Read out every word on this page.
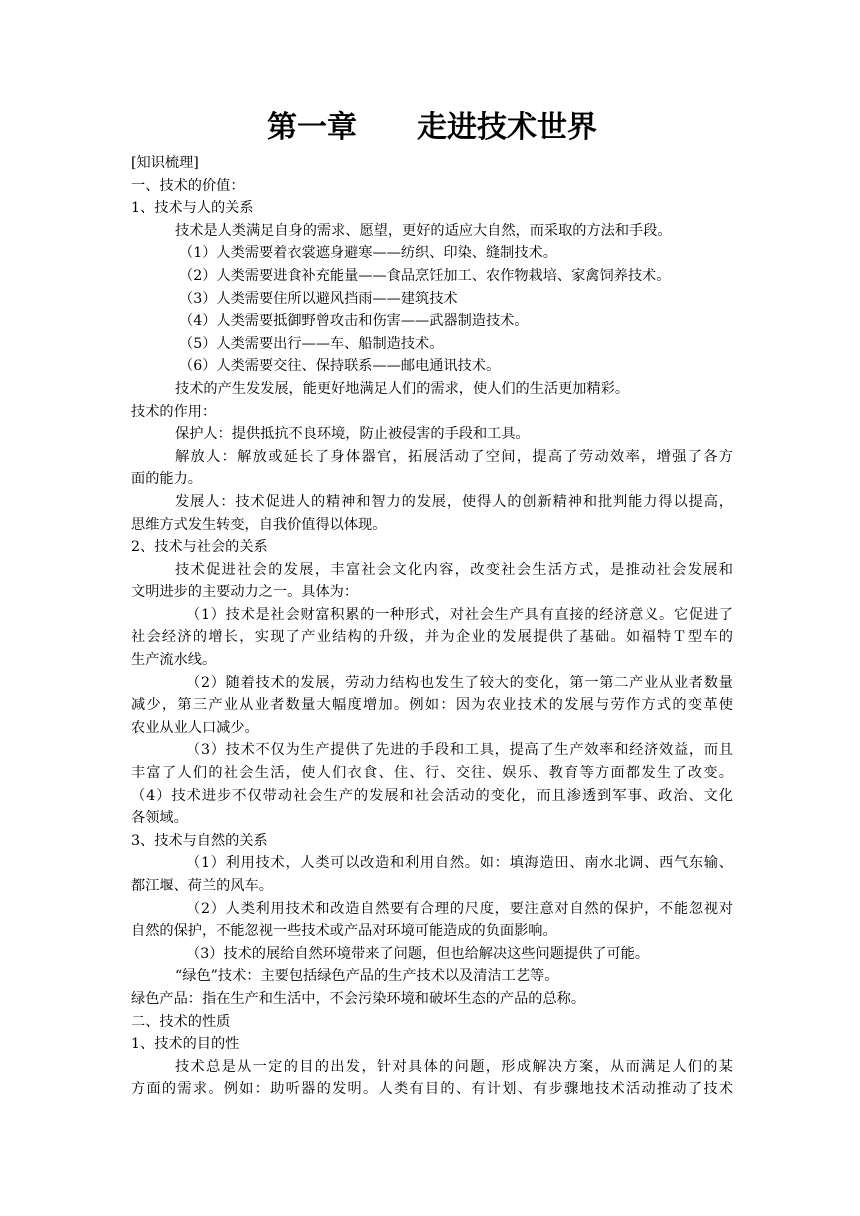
第一章　　走进技术世界

[知识梳理]

一、技术的价值：

1、技术与人的关系

技术是人类满足自身的需求、愿望，更好的适应大自然，而采取的方法和手段。

（1）人类需要着衣裳遮身避寒——纺织、印染、缝制技术。

（2）人类需要进食补充能量——食品烹饪加工、农作物栽培、家禽饲养技术。

（3）人类需要住所以避风挡雨——建筑技术

（4）人类需要抵御野曾攻击和伤害——武器制造技术。

（5）人类需要出行——车、船制造技术。

（6）人类需要交往、保持联系——邮电通讯技术。

技术的产生发发展，能更好地满足人们的需求，使人们的生活更加精彩。

技术的作用：

保护人：提供抵抗不良环境，防止被侵害的手段和工具。

解放人：解放或延长了身体器官，拓展活动了空间，提高了劳动效率，增强了各方

面的能力。

发展人：技术促进人的精神和智力的发展，使得人的创新精神和批判能力得以提高，

思维方式发生转变，自我价值得以体现。

2、技术与社会的关系

技术促进社会的发展，丰富社会文化内容，改变社会生活方式，是推动社会发展和

文明进步的主要动力之一。具体为：

（1）技术是社会财富积累的一种形式，对社会生产具有直接的经济意义。它促进了

社会经济的增长，实现了产业结构的升级，并为企业的发展提供了基础。如福特Ｔ型车的

生产流水线。

（2）随着技术的发展，劳动力结构也发生了较大的变化，第一第二产业从业者数量

减少，第三产业从业者数量大幅度增加。例如：因为农业技术的发展与劳作方式的变革使

农业从业人口减少。

（3）技术不仅为生产提供了先进的手段和工具，提高了生产效率和经济效益，而且

丰富了人们的社会生活，使人们衣食、住、行、交往、娱乐、教育等方面都发生了改变。

（4）技术进步不仅带动社会生产的发展和社会活动的变化，而且渗透到军事、政治、文化

各领域。

3、技术与自然的关系

（1）利用技术，人类可以改造和利用自然。如：填海造田、南水北调、西气东输、

都江堰、荷兰的风车。

（2）人类利用技术和改造自然要有合理的尺度，要注意对自然的保护，不能忽视对

自然的保护，不能忽视一些技术或产品对环境可能造成的负面影响。

（3）技术的展给自然环境带来了问题，但也给解决这些问题提供了可能。

“绿色”技术：主要包括绿色产品的生产技术以及清洁工艺等。

绿色产品：指在生产和生活中，不会污染环境和破坏生态的产品的总称。

二、技术的性质

1、技术的目的性

技术总是从一定的目的出发，针对具体的问题，形成解决方案，从而满足人们的某

方面的需求。例如：助听器的发明。人类有目的、有计划、有步骤地技术活动推动了技术
